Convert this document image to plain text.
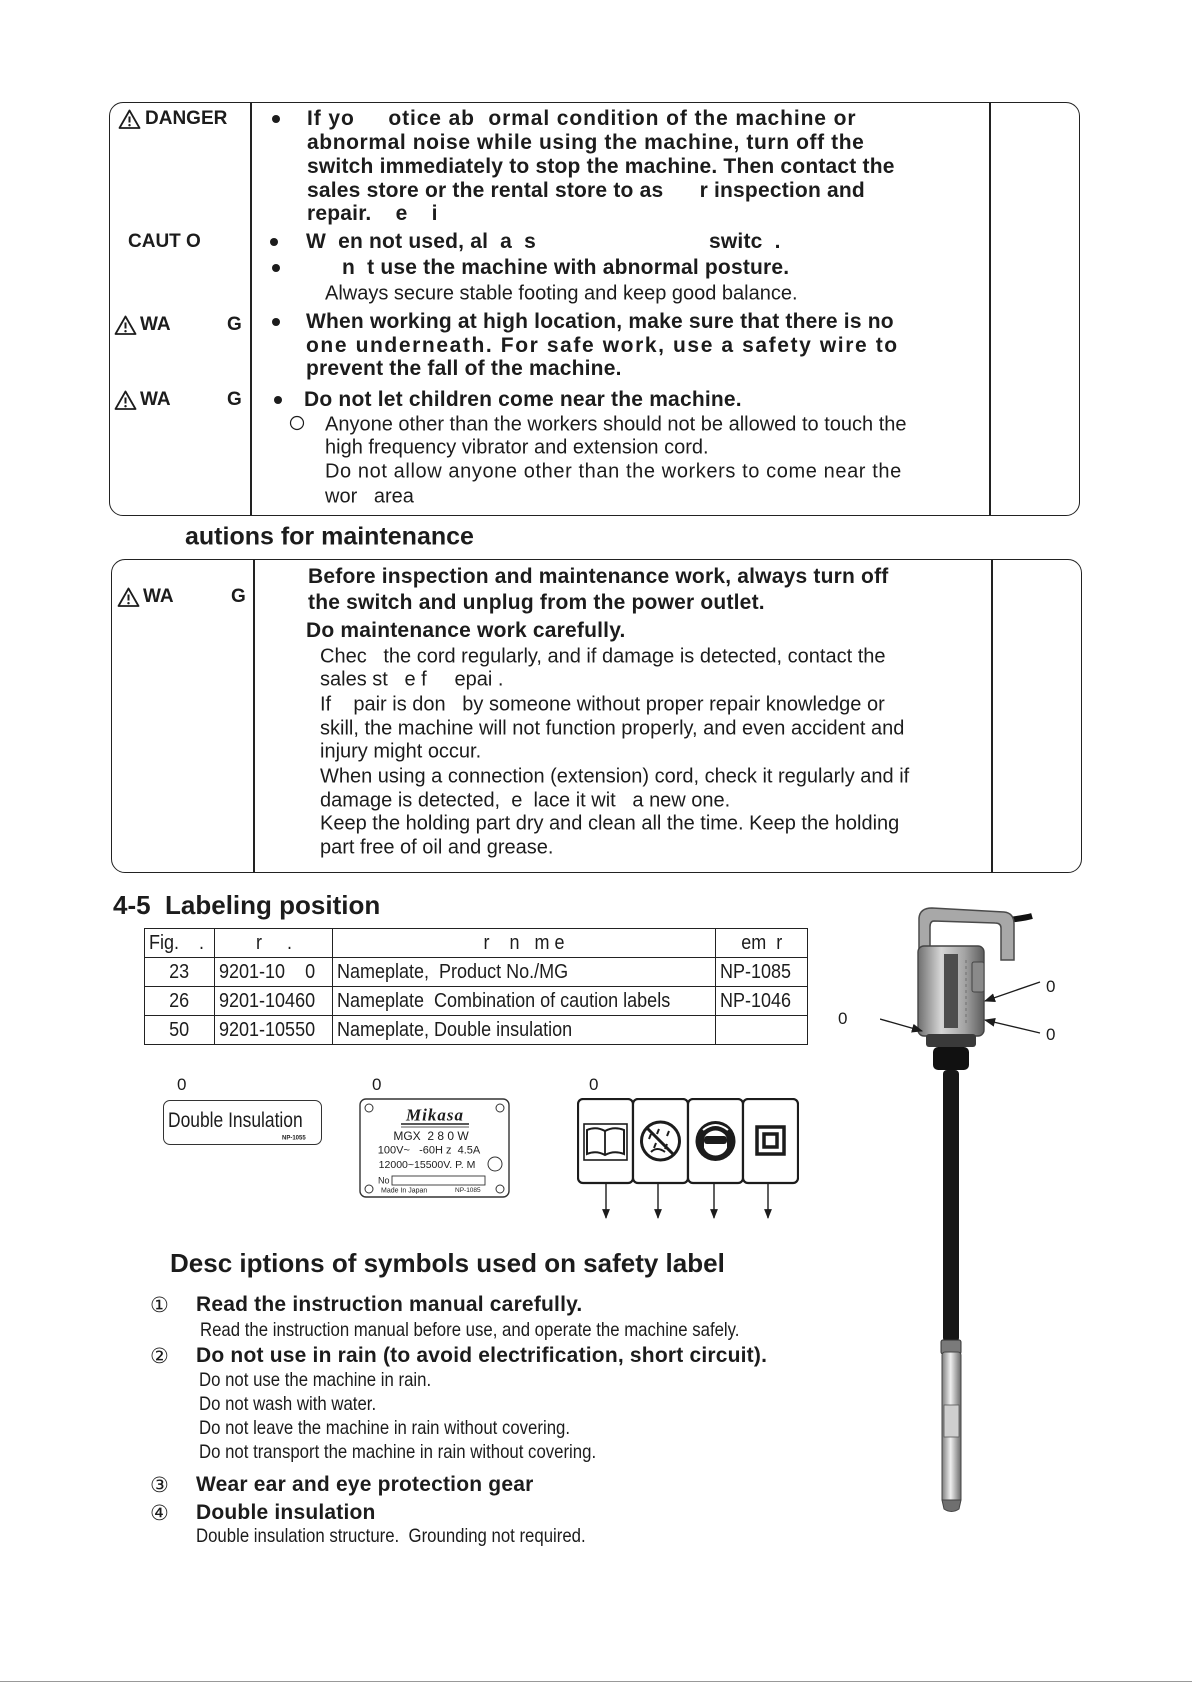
DANGER	If yo     otice ab  ormal condition of the machine or
abnormal noise while using the machine, turn off the
switch immediately to stop the machine. Then contact the
sales store or the rental store to as      r inspection and
repair.    e    i
CAUT O	W  en not used, al  a  s	switc  .
n  t use the machine with abnormal posture.
Always secure stable footing and keep good balance.
WA	G	When working at high location, make sure that there is no
one underneath. For safe work, use a safety wire to
prevent the fall of the machine.
WA	G	Do not let children come near the machine.
Anyone other than the workers should not be allowed to touch the
high frequency vibrator and extension cord.
Do not allow anyone other than the workers to come near the
wor   area
autions for maintenance
WA	G
Before inspection and maintenance work, always turn off
the switch and unplug from the power outlet.
Do maintenance work carefully.
Chec   the cord regularly, and if damage is detected, contact the
sales st   e f     epai .
If    pair is don   by someone without proper repair knowledge or
skill, the machine will not function properly, and even accident and
injury might occur.
When using a connection (extension) cord, check it regularly and if
damage is detected,  e  lace it wit   a new one.
Keep the holding part dry and clean all the time. Keep the holding
part free of oil and grease.
4-5  Labeling position
Fig.    .	r     .	r    n   m e	em  r
23	9201-10    0	Nameplate,  Product No./MG	NP-1085
26	9201-10460	Nameplate  Combination of caution labels	NP-1046
50	9201-10550	Nameplate, Double insulation	
0	0	0
Double Insulation
NP-1055
Mikasa
MGX  2 8 0 W
100V~   -60H z  4.5A
12000~15500V. P. M
No
Made In Japan	NP-1085
0
0
0
Desc iptions of symbols used on safety label
① Read the instruction manual carefully.
Read the instruction manual before use, and operate the machine safely.
② Do not use in rain (to avoid electrification, short circuit).
Do not use the machine in rain.
Do not wash with water.
Do not leave the machine in rain without covering.
Do not transport the machine in rain without covering.
③ Wear ear and eye protection gear
④ Double insulation
Double insulation structure.  Grounding not required.
